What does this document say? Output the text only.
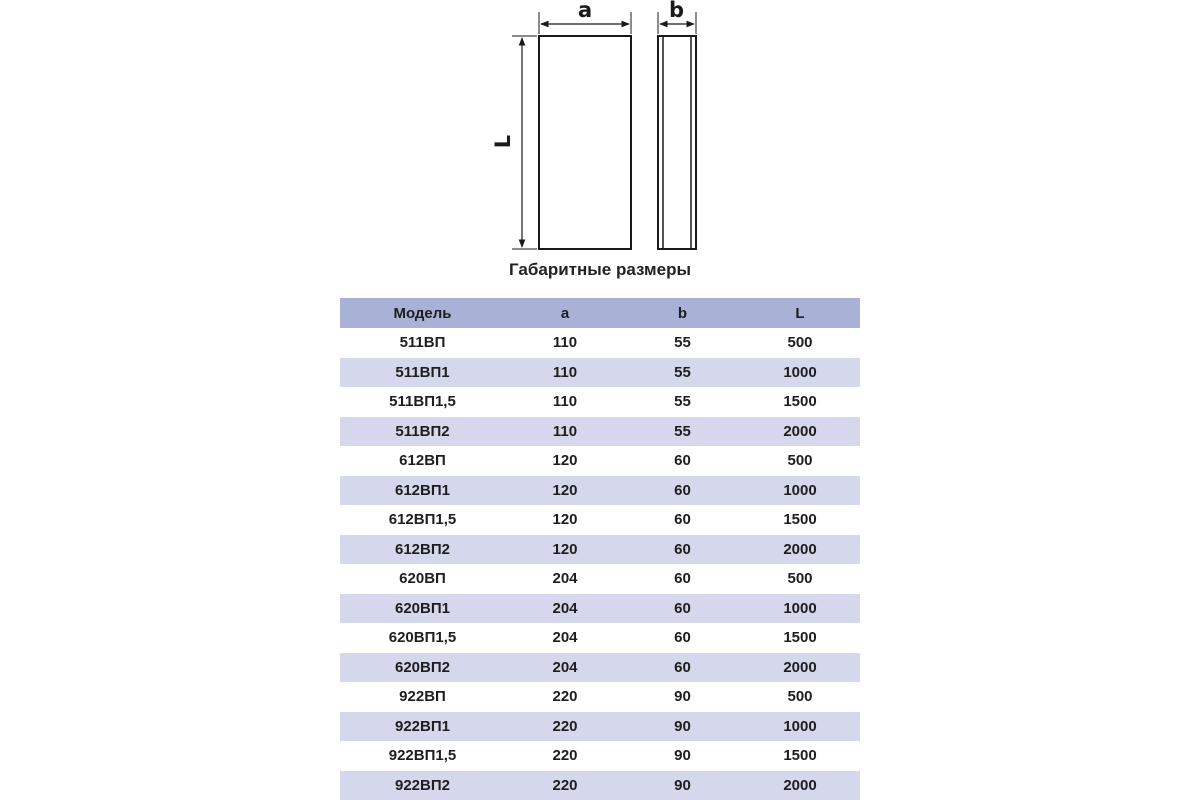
a	b
L
Габаритные размеры
Модель	a	b	L
511ВП	110	55	500
511ВП1	110	55	1000
511ВП1,5	110	55	1500
511ВП2	110	55	2000
612ВП	120	60	500
612ВП1	120	60	1000
612ВП1,5	120	60	1500
612ВП2	120	60	2000
620ВП	204	60	500
620ВП1	204	60	1000
620ВП1,5	204	60	1500
620ВП2	204	60	2000
922ВП	220	90	500
922ВП1	220	90	1000
922ВП1,5	220	90	1500
922ВП2	220	90	2000
